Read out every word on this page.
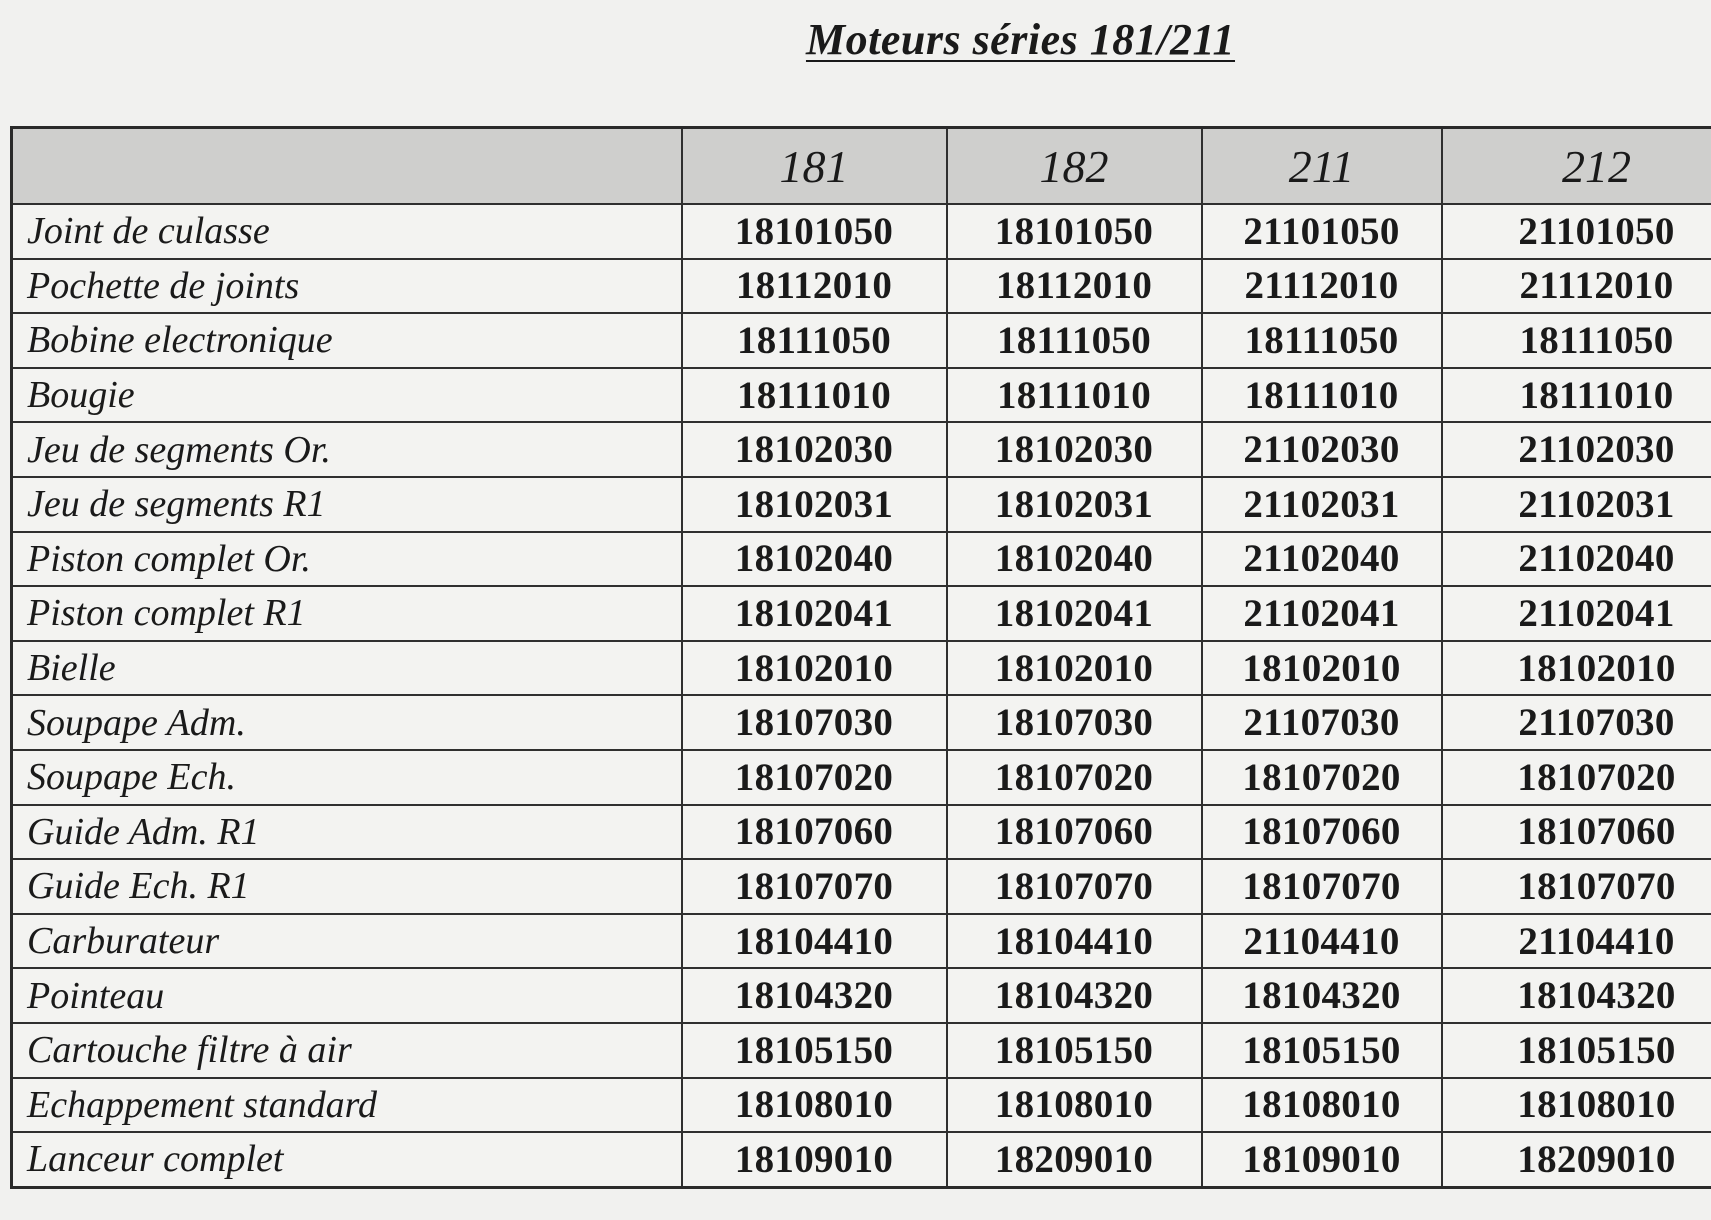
Moteurs séries 181/211
	181	182	211	212
Joint de culasse	18101050	18101050	21101050	21101050
Pochette de joints	18112010	18112010	21112010	21112010
Bobine electronique	18111050	18111050	18111050	18111050
Bougie	18111010	18111010	18111010	18111010
Jeu de segments Or.	18102030	18102030	21102030	21102030
Jeu de segments R1	18102031	18102031	21102031	21102031
Piston complet Or.	18102040	18102040	21102040	21102040
Piston complet R1	18102041	18102041	21102041	21102041
Bielle	18102010	18102010	18102010	18102010
Soupape Adm.	18107030	18107030	21107030	21107030
Soupape Ech.	18107020	18107020	18107020	18107020
Guide Adm. R1	18107060	18107060	18107060	18107060
Guide Ech. R1	18107070	18107070	18107070	18107070
Carburateur	18104410	18104410	21104410	21104410
Pointeau	18104320	18104320	18104320	18104320
Cartouche filtre à air	18105150	18105150	18105150	18105150
Echappement standard	18108010	18108010	18108010	18108010
Lanceur complet	18109010	18209010	18109010	18209010
